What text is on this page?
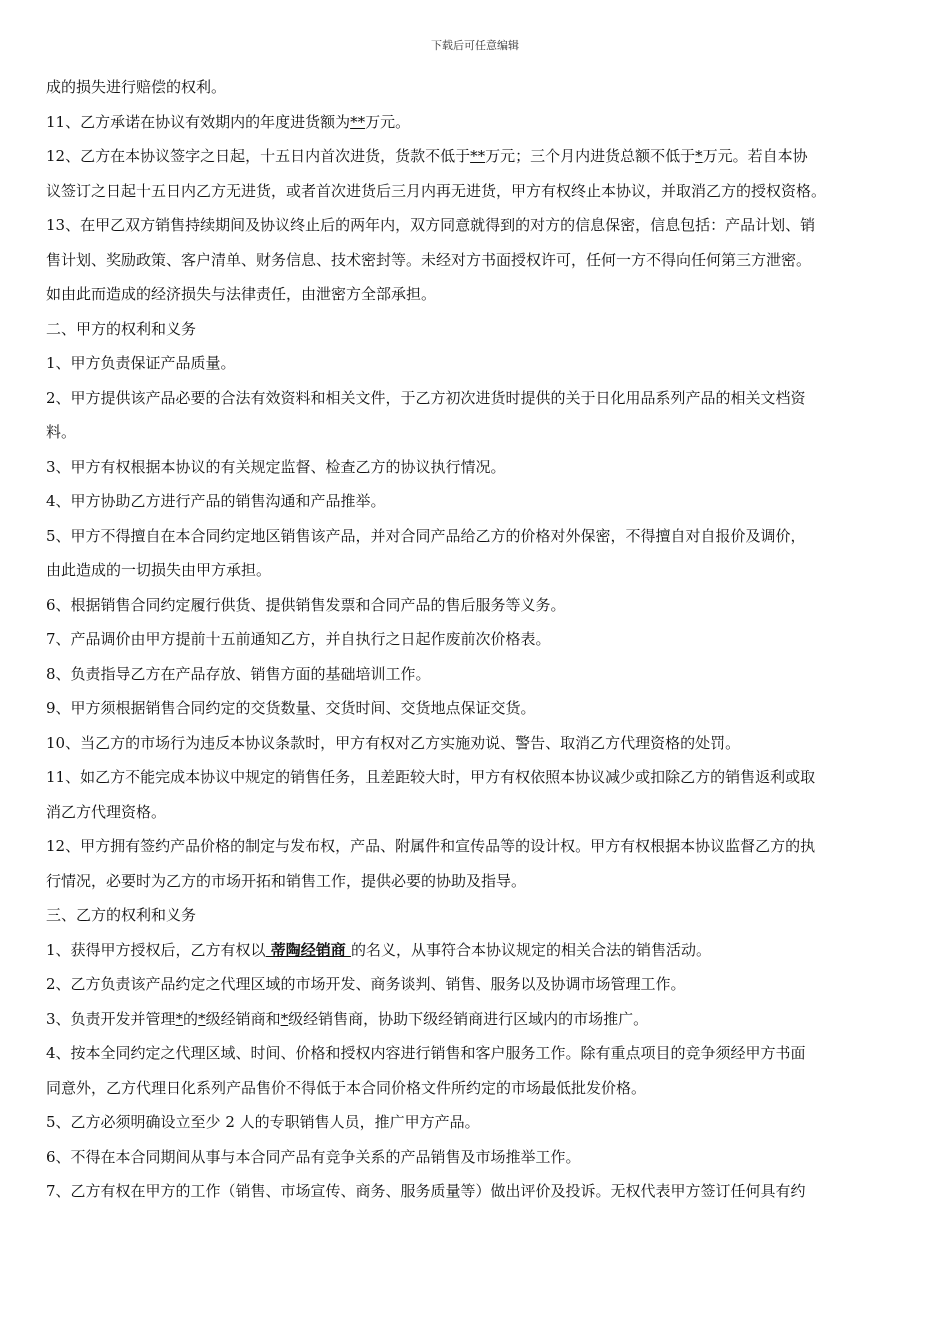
下载后可任意编辑
成的损失进行赔偿的权利。
11、乙方承诺在协议有效期内的年度进货额为**万元。
12、乙方在本协议签字之日起，十五日内首次进货，货款不低于**万元；三个月内进货总额不低于*万元。若自本协
议签订之日起十五日内乙方无进货，或者首次进货后三月内再无进货，甲方有权终止本协议，并取消乙方的授权资格。
13、在甲乙双方销售持续期间及协议终止后的两年内，双方同意就得到的对方的信息保密，信息包括：产品计划、销
售计划、奖励政策、客户清单、财务信息、技术密封等。未经对方书面授权许可，任何一方不得向任何第三方泄密。
如由此而造成的经济损失与法律责任，由泄密方全部承担。
二、甲方的权利和义务
1、甲方负责保证产品质量。
2、甲方提供该产品必要的合法有效资料和相关文件，于乙方初次进货时提供的关于日化用品系列产品的相关文档资
料。
3、甲方有权根据本协议的有关规定监督、检查乙方的协议执行情况。
4、甲方协助乙方进行产品的销售沟通和产品推举。
5、甲方不得擅自在本合同约定地区销售该产品，并对合同产品给乙方的价格对外保密，不得擅自对自报价及调价，
由此造成的一切损失由甲方承担。
6、根据销售合同约定履行供货、提供销售发票和合同产品的售后服务等义务。
7、产品调价由甲方提前十五前通知乙方，并自执行之日起作废前次价格表。
8、负责指导乙方在产品存放、销售方面的基础培训工作。
9、甲方须根据销售合同约定的交货数量、交货时间、交货地点保证交货。
10、当乙方的市场行为违反本协议条款时，甲方有权对乙方实施劝说、警告、取消乙方代理资格的处罚。
11、如乙方不能完成本协议中规定的销售任务，且差距较大时，甲方有权依照本协议减少或扣除乙方的销售返利或取
消乙方代理资格。
12、甲方拥有签约产品价格的制定与发布权，产品、附属件和宣传品等的设计权。甲方有权根据本协议监督乙方的执
行情况，必要时为乙方的市场开拓和销售工作，提供必要的协助及指导。
三、乙方的权利和义务
1、获得甲方授权后，乙方有权以 蒂陶经销商 的名义，从事符合本协议规定的相关合法的销售活动。
2、乙方负责该产品约定之代理区域的市场开发、商务谈判、销售、服务以及协调市场管理工作。
3、负责开发并管理*的*级经销商和*级经销售商，协助下级经销商进行区域内的市场推广。
4、按本全同约定之代理区域、时间、价格和授权内容进行销售和客户服务工作。除有重点项目的竞争须经甲方书面
同意外，乙方代理日化系列产品售价不得低于本合同价格文件所约定的市场最低批发价格。
5、乙方必须明确设立至少 2 人的专职销售人员，推广甲方产品。
6、不得在本合同期间从事与本合同产品有竞争关系的产品销售及市场推举工作。
7、乙方有权在甲方的工作（销售、市场宣传、商务、服务质量等）做出评价及投诉。无权代表甲方签订任何具有约
